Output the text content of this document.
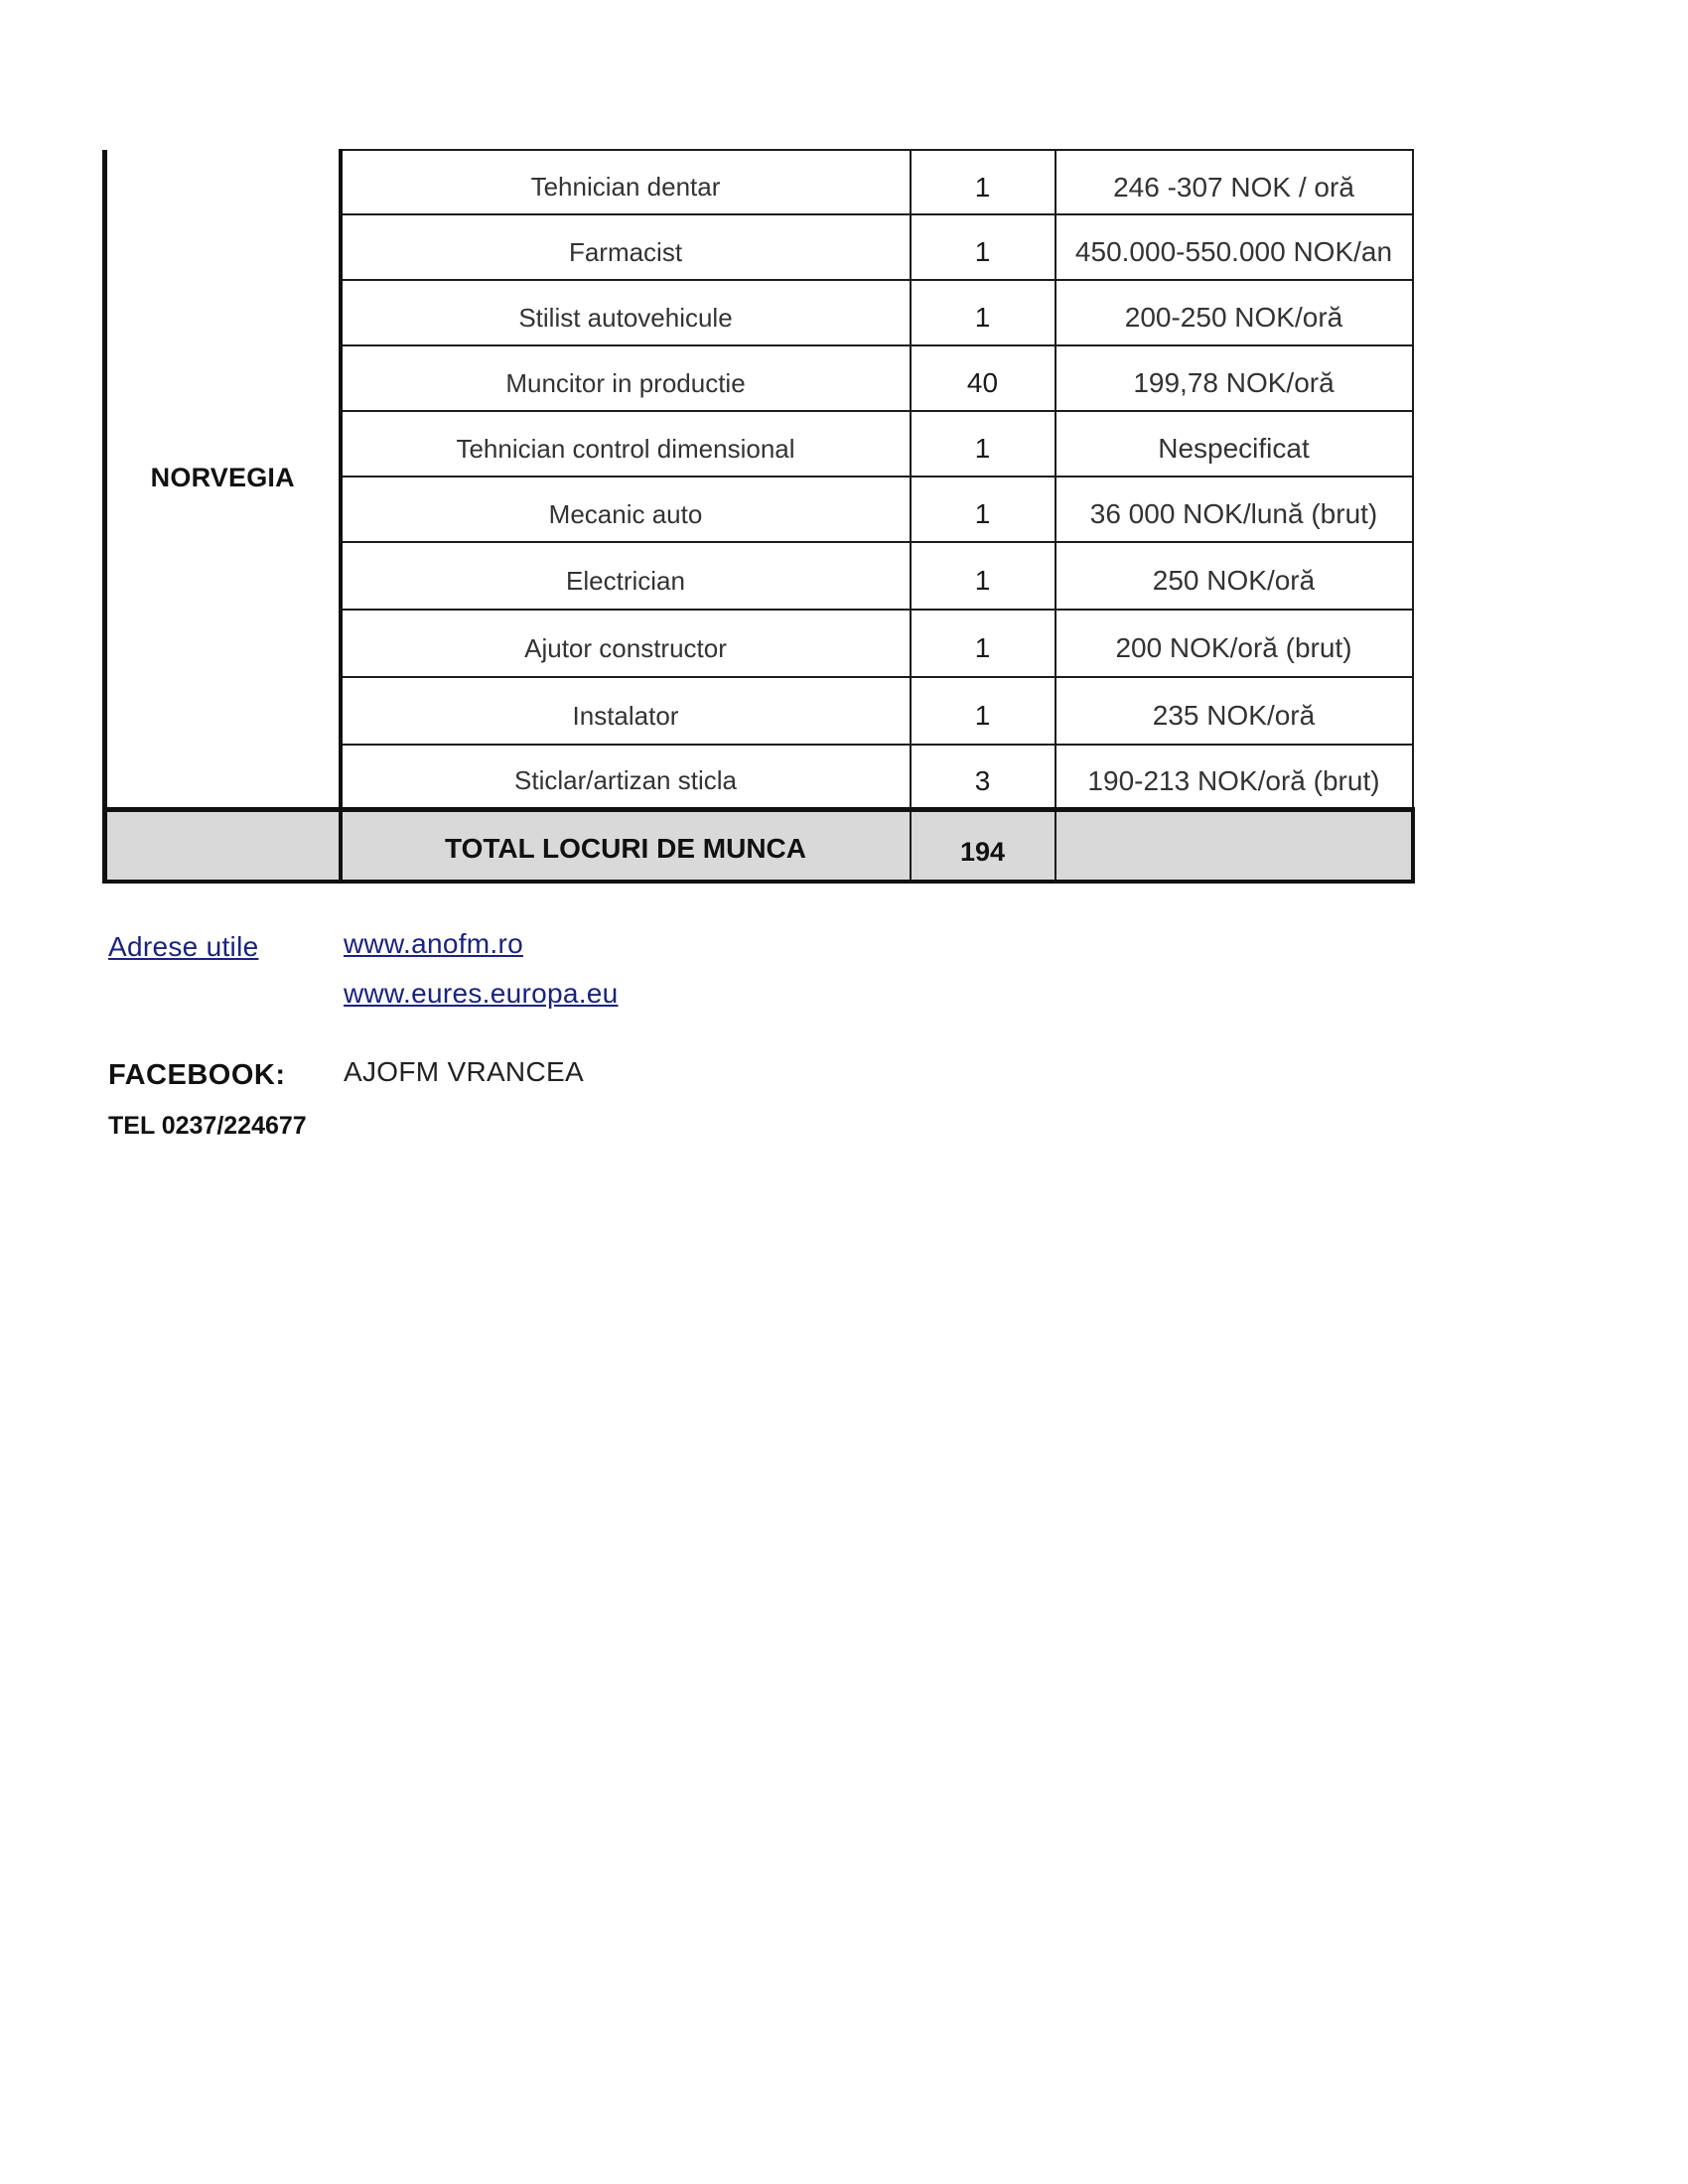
NORVEGIA	Tehnician dentar	1	246 -307 NOK / oră
	Farmacist	1	450.000-550.000 NOK/an
	Stilist autovehicule	1	200-250 NOK/oră
	Muncitor in productie	40	199,78 NOK/oră
	Tehnician control dimensional	1	Nespecificat
	Mecanic auto	1	36 000 NOK/lună (brut)
	Electrician	1	250 NOK/oră
	Ajutor constructor	1	200 NOK/oră (brut)
	Instalator	1	235 NOK/oră
	Sticlar/artizan sticla	3	190-213 NOK/oră (brut)
	TOTAL LOCURI DE MUNCA	194	
Adrese utile	www.anofm.ro
www.eures.europa.eu
FACEBOOK: AJOFM VRANCEA
TEL 0237/224677
